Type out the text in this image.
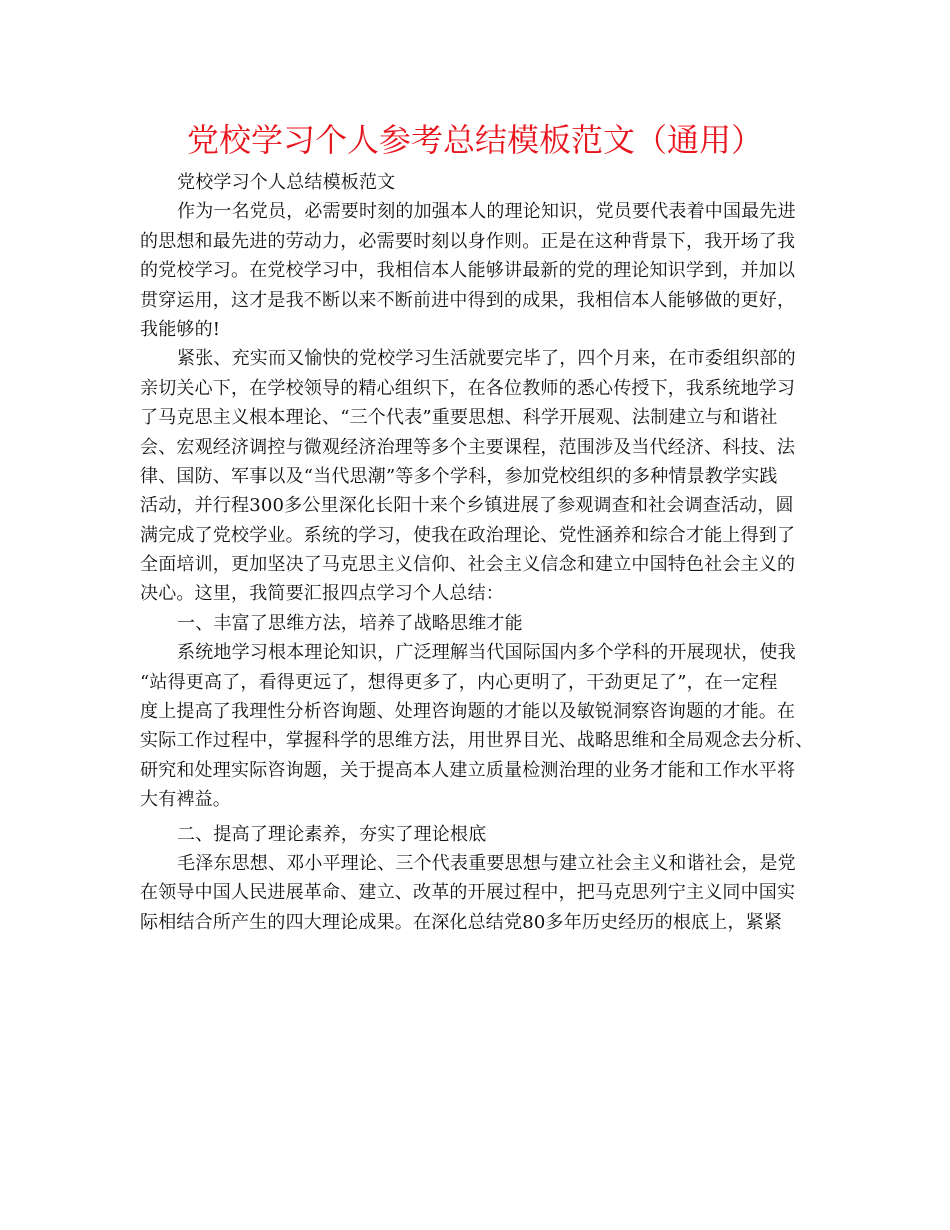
党校学习个人参考总结模板范文（通用）
党校学习个人总结模板范文
作为一名党员，必需要时刻的加强本人的理论知识，党员要代表着中国最先进
的思想和最先进的劳动力，必需要时刻以身作则。正是在这种背景下，我开场了我
的党校学习。在党校学习中，我相信本人能够讲最新的党的理论知识学到，并加以
贯穿运用，这才是我不断以来不断前进中得到的成果，我相信本人能够做的更好，
我能够的!
紧张、充实而又愉快的党校学习生活就要完毕了，四个月来，在市委组织部的
亲切关心下，在学校领导的精心组织下，在各位教师的悉心传授下，我系统地学习
了马克思主义根本理论、“三个代表”重要思想、科学开展观、法制建立与和谐社
会、宏观经济调控与微观经济治理等多个主要课程，范围涉及当代经济、科技、法
律、国防、军事以及“当代思潮”等多个学科，参加党校组织的多种情景教学实践
活动，并行程300多公里深化长阳十来个乡镇进展了参观调查和社会调查活动，圆
满完成了党校学业。系统的学习，使我在政治理论、党性涵养和综合才能上得到了
全面培训，更加坚决了马克思主义信仰、社会主义信念和建立中国特色社会主义的
决心。这里，我简要汇报四点学习个人总结：
一、丰富了思维方法，培养了战略思维才能
系统地学习根本理论知识，广泛理解当代国际国内多个学科的开展现状，使我
“站得更高了，看得更远了，想得更多了，内心更明了，干劲更足了”，在一定程
度上提高了我理性分析咨询题、处理咨询题的才能以及敏锐洞察咨询题的才能。在
实际工作过程中，掌握科学的思维方法，用世界目光、战略思维和全局观念去分析、
研究和处理实际咨询题，关于提高本人建立质量检测治理的业务才能和工作水平将
大有裨益。
二、提高了理论素养，夯实了理论根底
毛泽东思想、邓小平理论、三个代表重要思想与建立社会主义和谐社会，是党
在领导中国人民进展革命、建立、改革的开展过程中，把马克思列宁主义同中国实
际相结合所产生的四大理论成果。在深化总结党80多年历史经历的根底上，紧紧
